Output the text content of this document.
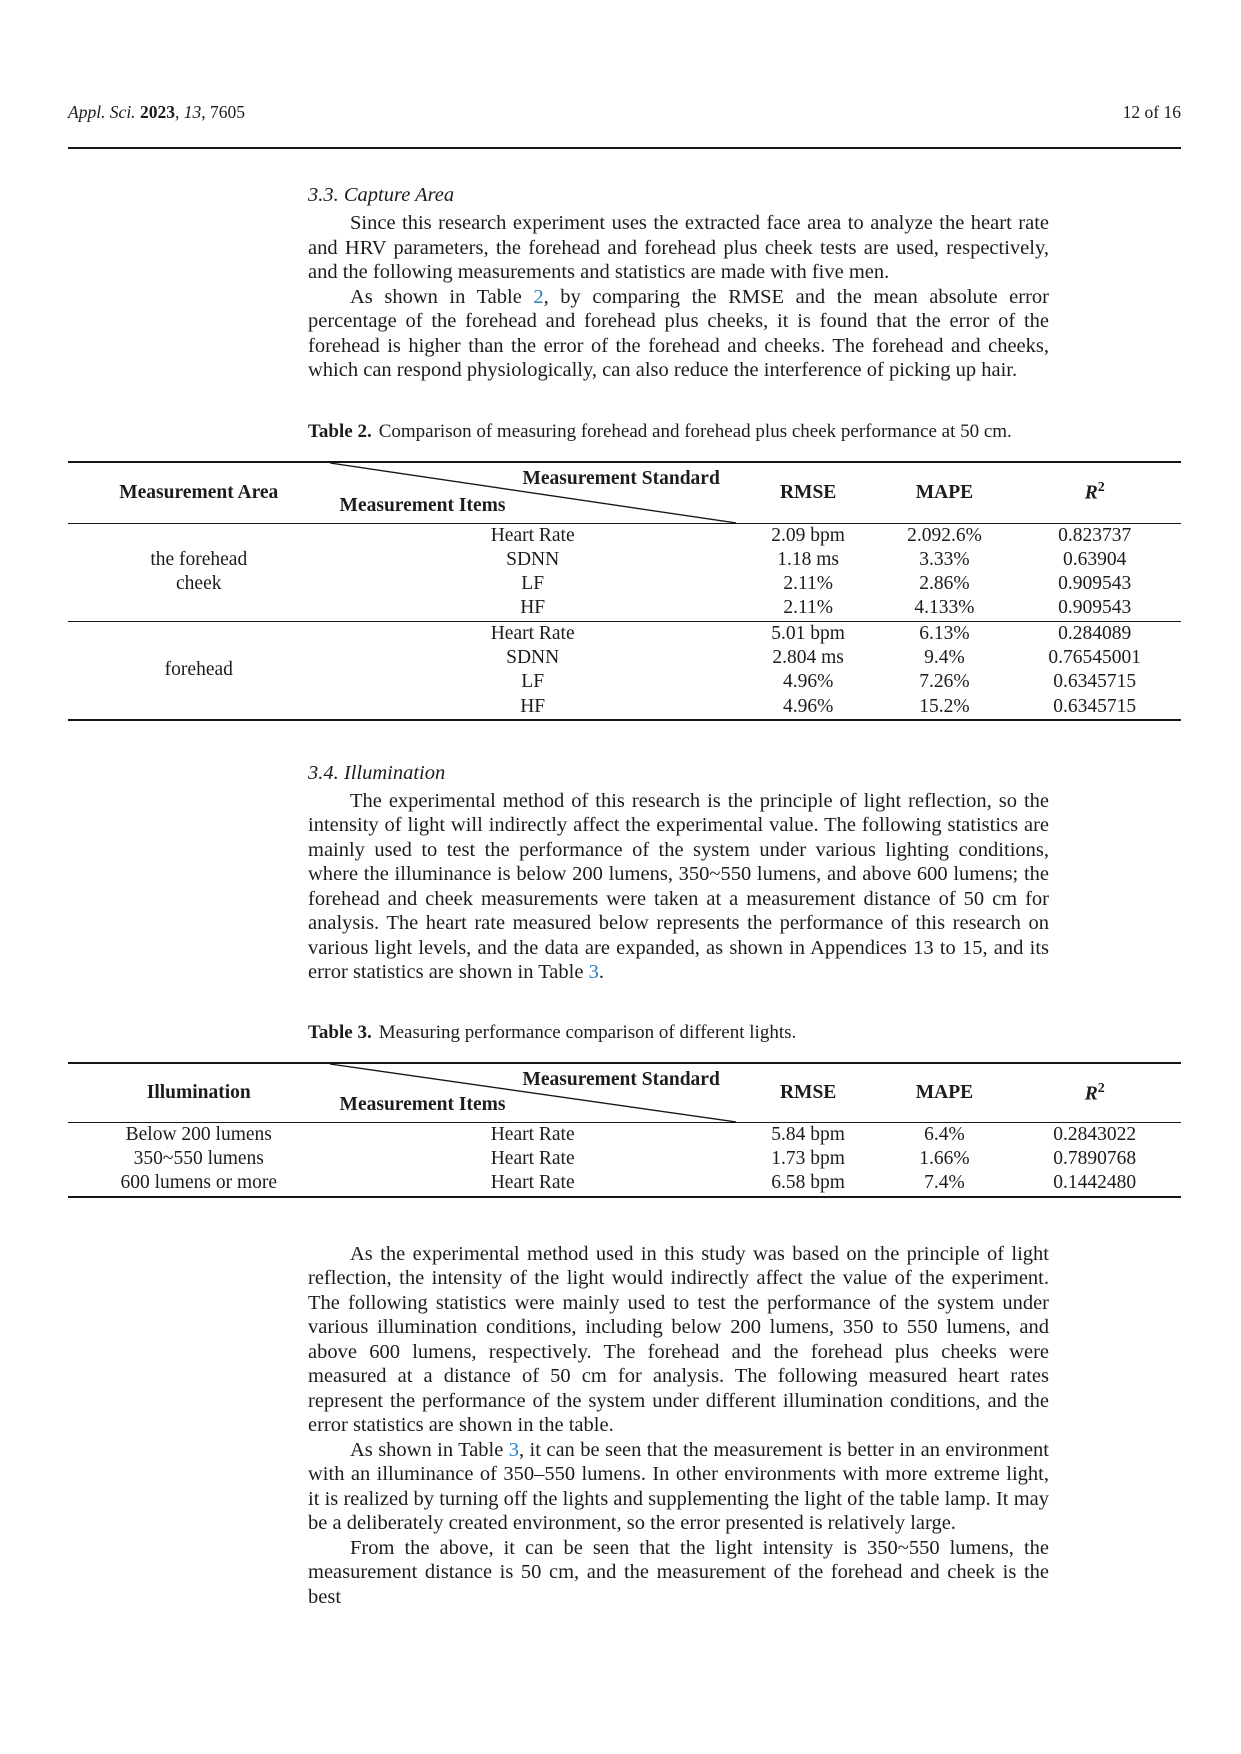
Appl. Sci. 2023, 13, 7605	12 of 16
3.3. Capture Area

Since this research experiment uses the extracted face area to analyze the heart rate and HRV parameters, the forehead and forehead plus cheek tests are used, respectively, and the following measurements and statistics are made with five men.

As shown in Table 2, by comparing the RMSE and the mean absolute error percentage of the forehead and forehead plus cheeks, it is found that the error of the forehead is higher than the error of the forehead and cheeks. The forehead and cheeks, which can respond physiologically, can also reduce the interference of picking up hair.

Table 2. Comparison of measuring forehead and forehead plus cheek performance at 50 cm.

Measurement Area	Measurement Standard
Measurement Items	RMSE	MAPE	$R^2$

the forehead
cheek	Heart Rate	2.09 bpm	2.092.6%	0.823737
	SDNN	1.18 ms	3.33%	0.63904
	LF	2.11%	2.86%	0.909543
	HF	2.11%	4.133%	0.909543

forehead	Heart Rate	5.01 bpm	6.13%	0.284089
	SDNN	2.804 ms	9.4%	0.76545001
	LF	4.96%	7.26%	0.6345715
	HF	4.96%	15.2%	0.6345715
3.4. Illumination

The experimental method of this research is the principle of light reflection, so the intensity of light will indirectly affect the experimental value. The following statistics are mainly used to test the performance of the system under various lighting conditions, where the illuminance is below 200 lumens, 350~550 lumens, and above 600 lumens; the forehead and cheek measurements were taken at a measurement distance of 50 cm for analysis. The heart rate measured below represents the performance of this research on various light levels, and the data are expanded, as shown in Appendices 13 to 15, and its error statistics are shown in Table 3.

Table 3. Measuring performance comparison of different lights.

Illumination	Measurement Standard
Measurement Items	RMSE	MAPE	$R^2$
Below 200 lumens	Heart Rate	5.84 bpm	6.4%	0.2843022
350~550 lumens	Heart Rate	1.73 bpm	1.66%	0.7890768
600 lumens or more	Heart Rate	6.58 bpm	7.4%	0.1442480

As the experimental method used in this study was based on the principle of light reflection, the intensity of the light would indirectly affect the value of the experiment. The following statistics were mainly used to test the performance of the system under various illumination conditions, including below 200 lumens, 350 to 550 lumens, and above 600 lumens, respectively. The forehead and the forehead plus cheeks were measured at a distance of 50 cm for analysis. The following measured heart rates represent the performance of the system under different illumination conditions, and the error statistics are shown in the table.

As shown in Table 3, it can be seen that the measurement is better in an environment with an illuminance of 350–550 lumens. In other environments with more extreme light, it is realized by turning off the lights and supplementing the light of the table lamp. It may be a deliberately created environment, so the error presented is relatively large.

From the above, it can be seen that the light intensity is 350~550 lumens, the measurement distance is 50 cm, and the measurement of the forehead and cheek is the best
